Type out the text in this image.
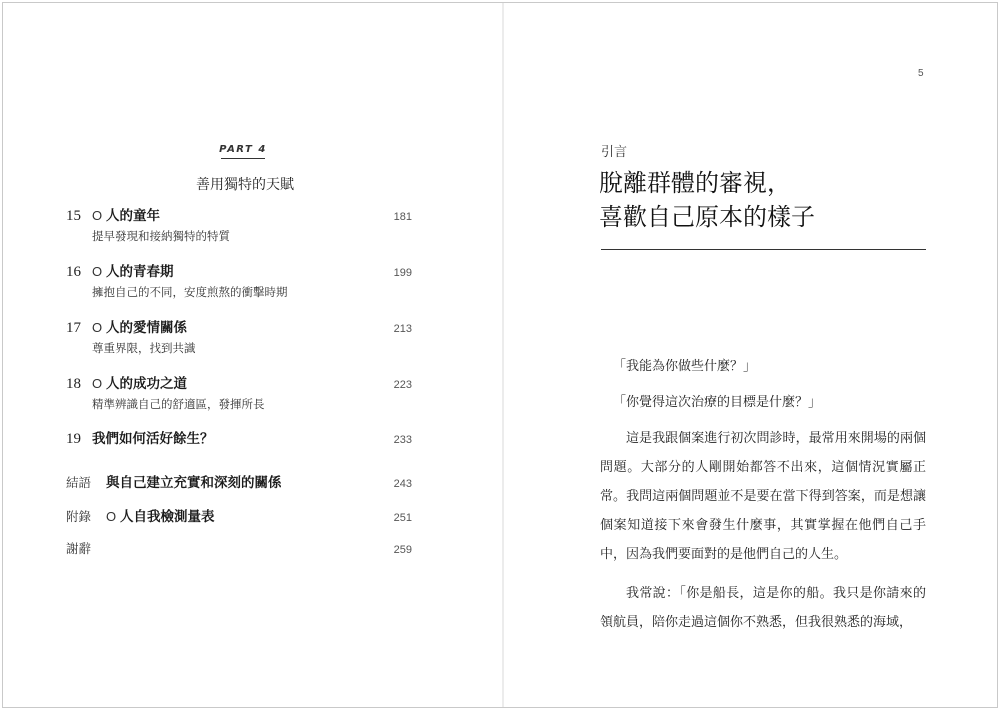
PART 4
善用獨特的天賦
15 O 人的童年	181
提早發現和接納獨特的特質
16 O 人的青春期	199
擁抱自己的不同，安度煎熬的衝擊時期
17 O 人的愛情關係	213
尊重界限，找到共識
18 O 人的成功之道	223
精準辨識自己的舒適區，發揮所長
19 我們如何活好餘生？	233
結語	與自己建立充實和深刻的關係	243
附錄	O 人自我檢測量表	251
謝辭	259
5
引言
脫離群體的審視，
喜歡自己原本的樣子

「我能為你做些什麼？」

「你覺得這次治療的目標是什麼？」

這是我跟個案進行初次問診時，最常用來開場的兩個問題。大部分的人剛開始都答不出來，這個情況實屬正常。我問這兩個問題並不是要在當下得到答案，而是想讓個案知道接下來會發生什麼事，其實掌握在他們自己手中，因為我們要面對的是他們自己的人生。

我常說：「你是船長，這是你的船。我只是你請來的領航員，陪你走過這個你不熟悉，但我很熟悉的海域，
